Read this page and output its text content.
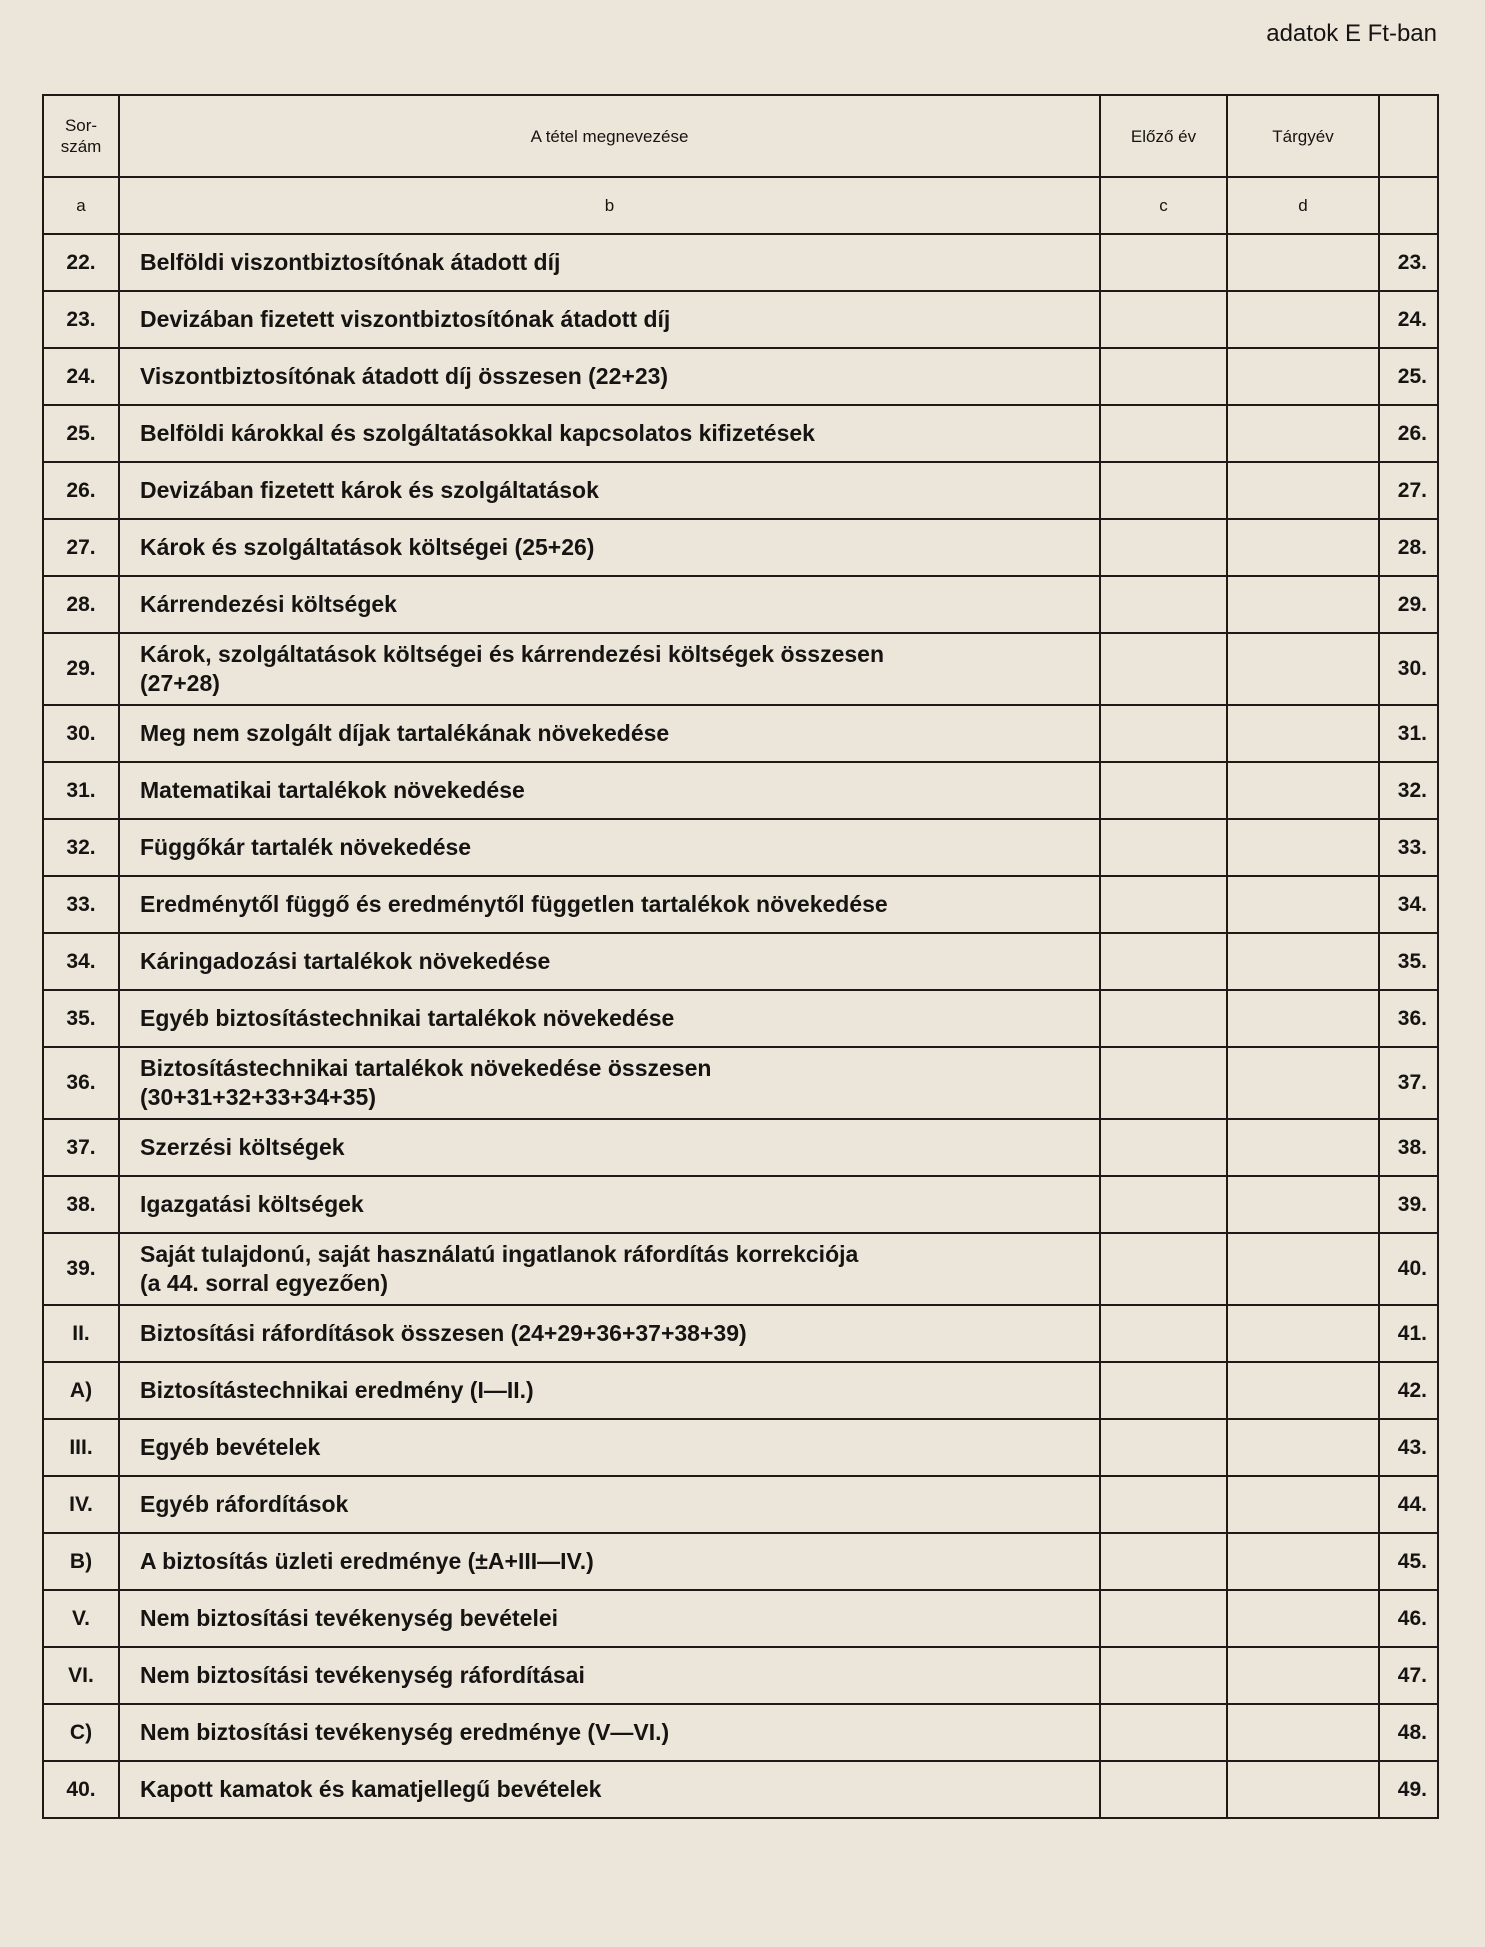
adatok E Ft-ban
Sor-
szám	A tétel megnevezése	Előző év	Tárgyév	
a	b	c	d	
22.	Belföldi viszontbiztosítónak átadott díj			23.
23.	Devizában fizetett viszontbiztosítónak átadott díj			24.
24.	Viszontbiztosítónak átadott díj összesen (22+23)			25.
25.	Belföldi károkkal és szolgáltatásokkal kapcsolatos kifizetések			26.
26.	Devizában fizetett károk és szolgáltatások			27.
27.	Károk és szolgáltatások költségei (25+26)			28.
28.	Kárrendezési költségek			29.
29.	Károk, szolgáltatások költségei és kárrendezési költségek összesen
(27+28)			30.
30.	Meg nem szolgált díjak tartalékának növekedése			31.
31.	Matematikai tartalékok növekedése			32.
32.	Függőkár tartalék növekedése			33.
33.	Eredménytől függő és eredménytől független tartalékok növekedése			34.
34.	Káringadozási tartalékok növekedése			35.
35.	Egyéb biztosítástechnikai tartalékok növekedése			36.
36.	Biztosítástechnikai tartalékok növekedése összesen
(30+31+32+33+34+35)			37.
37.	Szerzési költségek			38.
38.	Igazgatási költségek			39.
39.	Saját tulajdonú, saját használatú ingatlanok ráfordítás korrekciója
(a 44. sorral egyezően)			40.
II.	Biztosítási ráfordítások összesen (24+29+36+37+38+39)			41.
A)	Biztosítástechnikai eredmény (I—II.)			42.
III.	Egyéb bevételek			43.
IV.	Egyéb ráfordítások			44.
B)	A biztosítás üzleti eredménye (±A+III—IV.)			45.
V.	Nem biztosítási tevékenység bevételei			46.
VI.	Nem biztosítási tevékenység ráfordításai			47.
C)	Nem biztosítási tevékenység eredménye (V—VI.)			48.
40.	Kapott kamatok és kamatjellegű bevételek			49.
